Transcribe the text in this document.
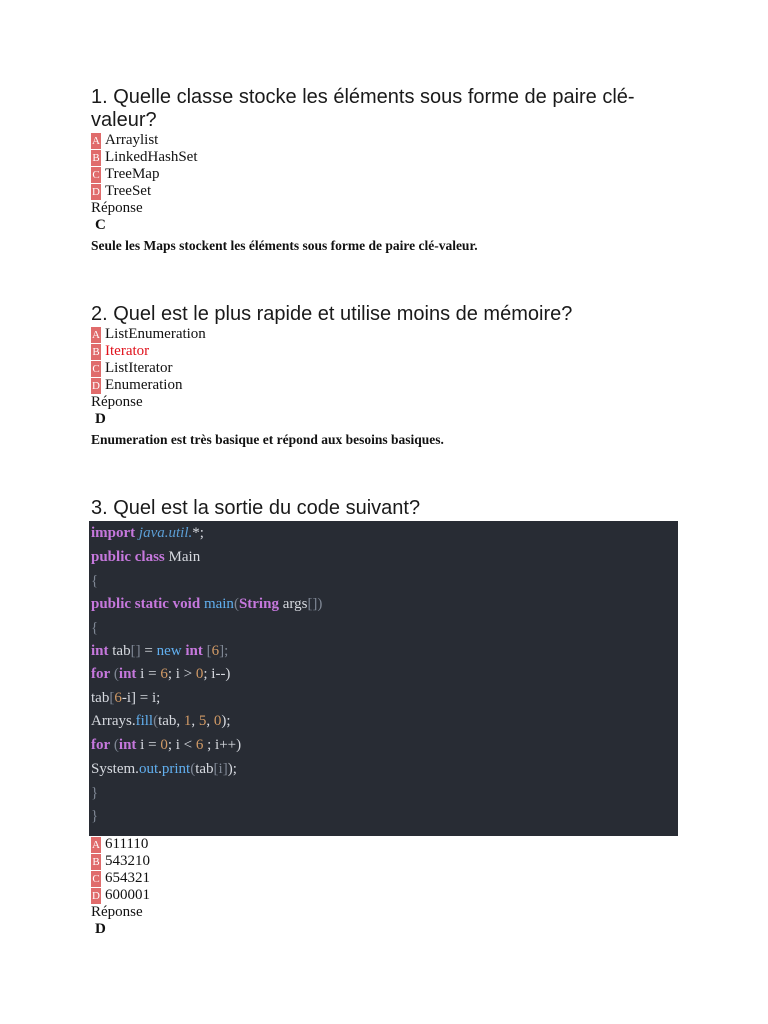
1. Quelle classe stocke les éléments sous forme de paire clé-valeur?

A Arraylist
B LinkedHashSet
C TreeMap
D TreeSet
Réponse
C
Seule les Maps stockent les éléments sous forme de paire clé-valeur.

2. Quel est le plus rapide et utilise moins de mémoire?

A ListEnumeration
B Iterator
C ListIterator
D Enumeration
Réponse
D
Enumeration est très basique et répond aux besoins basiques.

3. Quel est la sortie du code suivant?

import java.util.*;
public class Main
{
public static void main(String args[])
{
int tab[] = new int [6];
for (int i = 6; i > 0; i--)
tab[6-i] = i;
Arrays.fill(tab, 1, 5, 0);
for (int i = 0; i < 6 ; i++)
System.out.print(tab[i]);
}
}
A 611110
B 543210
C 654321
D 600001
Réponse
D
